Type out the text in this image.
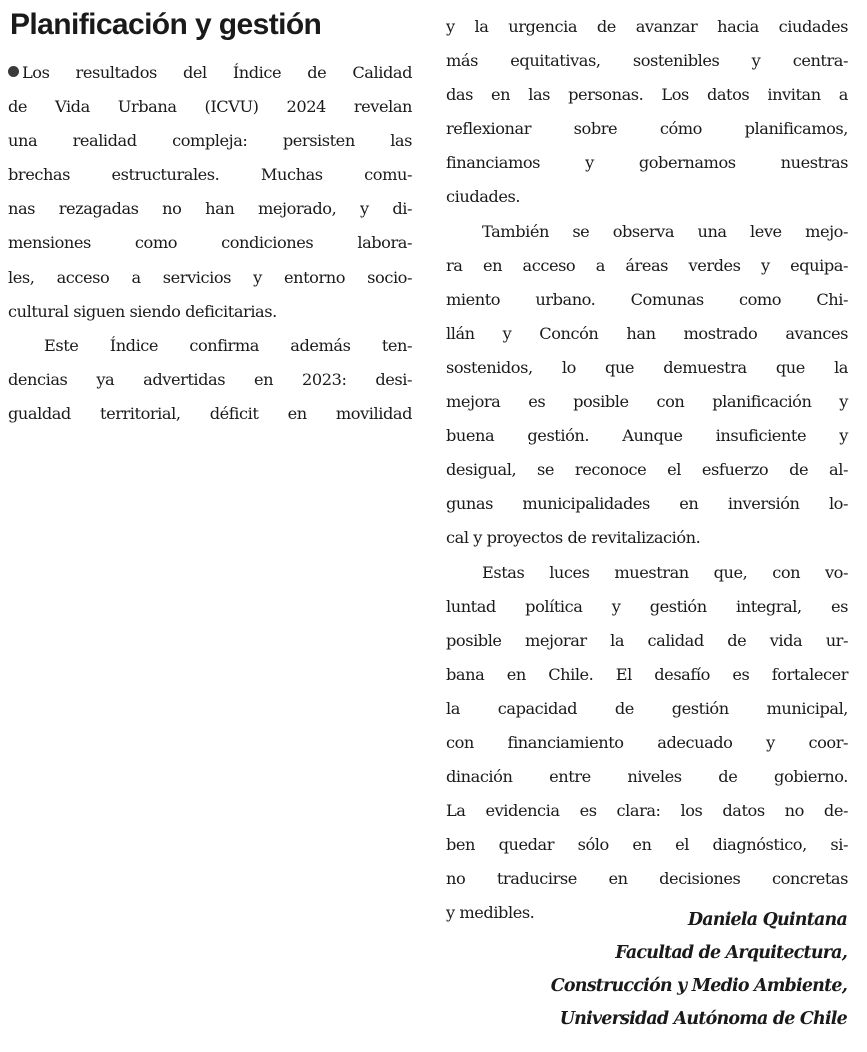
Planificación y gestión

Los resultados del Índice de Calidad

de Vida Urbana (ICVU) 2024 revelan

una realidad compleja: persisten las

brechas estructurales. Muchas comu-

nas rezagadas no han mejorado, y di-

mensiones como condiciones labora-

les, acceso a servicios y entorno socio-

cultural siguen siendo deficitarias.

Este Índice confirma además ten-

dencias ya advertidas en 2023: desi-

gualdad territorial, déficit en movilidad

y la urgencia de avanzar hacia ciudades

más equitativas, sostenibles y centra-

das en las personas. Los datos invitan a

reflexionar sobre cómo planificamos,

financiamos y gobernamos nuestras

ciudades.

También se observa una leve mejo-

ra en acceso a áreas verdes y equipa-

miento urbano. Comunas como Chi-

llán y Concón han mostrado avances

sostenidos, lo que demuestra que la

mejora es posible con planificación y

buena gestión. Aunque insuficiente y

desigual, se reconoce el esfuerzo de al-

gunas municipalidades en inversión lo-

cal y proyectos de revitalización.

Estas luces muestran que, con vo-

luntad política y gestión integral, es

posible mejorar la calidad de vida ur-

bana en Chile. El desafío es fortalecer

la capacidad de gestión municipal,

con financiamiento adecuado y coor-

dinación entre niveles de gobierno.

La evidencia es clara: los datos no de-

ben quedar sólo en el diagnóstico, si-

no traducirse en decisiones concretas

y medibles.	Daniela Quintana
Facultad de Arquitectura,
Construcción y Medio Ambiente,
Universidad Autónoma de Chile
